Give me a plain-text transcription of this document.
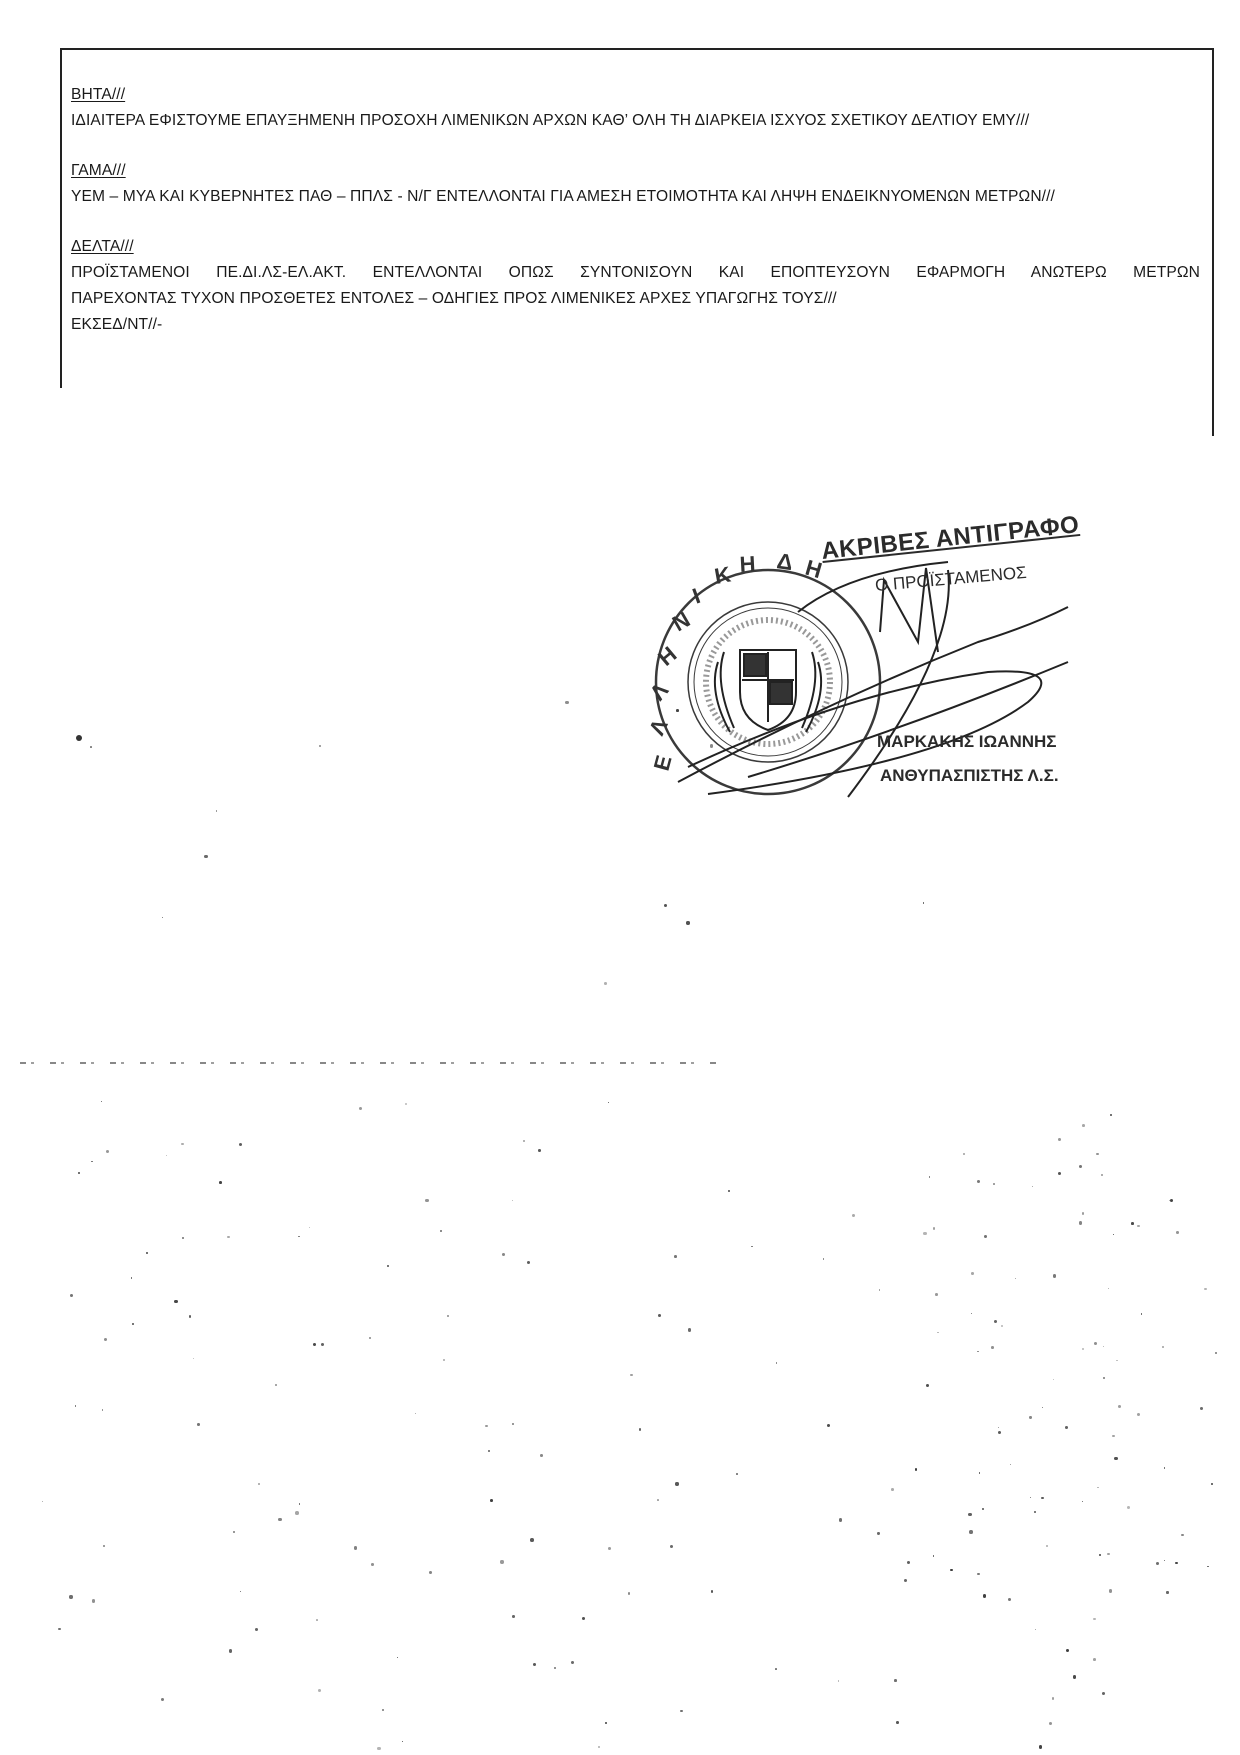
ΒΗΤΑ///
ΙΔΙΑΙΤΕΡΑ ΕΦΙΣΤΟΥΜΕ ΕΠΑΥΞΗΜΕΝΗ ΠΡΟΣΟΧΗ ΛΙΜΕΝΙΚΩΝ ΑΡΧΩΝ ΚΑΘ’ ΟΛΗ ΤΗ ΔΙΑΡΚΕΙΑ ΙΣΧΥΟΣ ΣΧΕΤΙΚΟΥ ΔΕΛΤΙΟΥ ΕΜΥ///
ΓΑΜΑ///
ΥΕΜ – ΜΥΑ ΚΑΙ ΚΥΒΕΡΝΗΤΕΣ ΠΑΘ – ΠΠΛΣ - Ν/Γ ΕΝΤΕΛΛΟΝΤΑΙ ΓΙΑ ΑΜΕΣΗ ΕΤΟΙΜΟΤΗΤΑ ΚΑΙ ΛΗΨΗ ΕΝΔΕΙΚΝΥΟΜΕΝΩΝ ΜΕΤΡΩΝ///
ΔΕΛΤΑ///
ΠΡΟΪΣΤΑΜΕΝΟΙ ΠΕ.ΔΙ.ΛΣ-ΕΛ.ΑΚΤ. ΕΝΤΕΛΛΟΝΤΑΙ ΟΠΩΣ ΣΥΝΤΟΝΙΣΟΥΝ ΚΑΙ ΕΠΟΠΤΕΥΣΟΥΝ ΕΦΑΡΜΟΓΗ ΑΝΩΤΕΡΩ ΜΕΤΡΩΝ
ΠΑΡΕΧΟΝΤΑΣ ΤΥΧΟΝ ΠΡΟΣΘΕΤΕΣ ΕΝΤΟΛΕΣ – ΟΔΗΓΙΕΣ ΠΡΟΣ ΛΙΜΕΝΙΚΕΣ ΑΡΧΕΣ ΥΠΑΓΩΓΗΣ ΤΟΥΣ///
ΕΚΣΕΔ/ΝΤ//-
Ε
Λ
Λ
Η
Ν
Ι
Κ Η Δ Η
ΑΚΡΙΒΕΣ ΑΝΤΙΓΡΑΦΟ
Ο ΠΡΟΪΣΤΑΜΕΝΟΣ
ΜΑΡΚΑΚΗΣ ΙΩΑΝΝΗΣ
ΑΝΘΥΠΑΣΠΙΣΤΗΣ Λ.Σ.
